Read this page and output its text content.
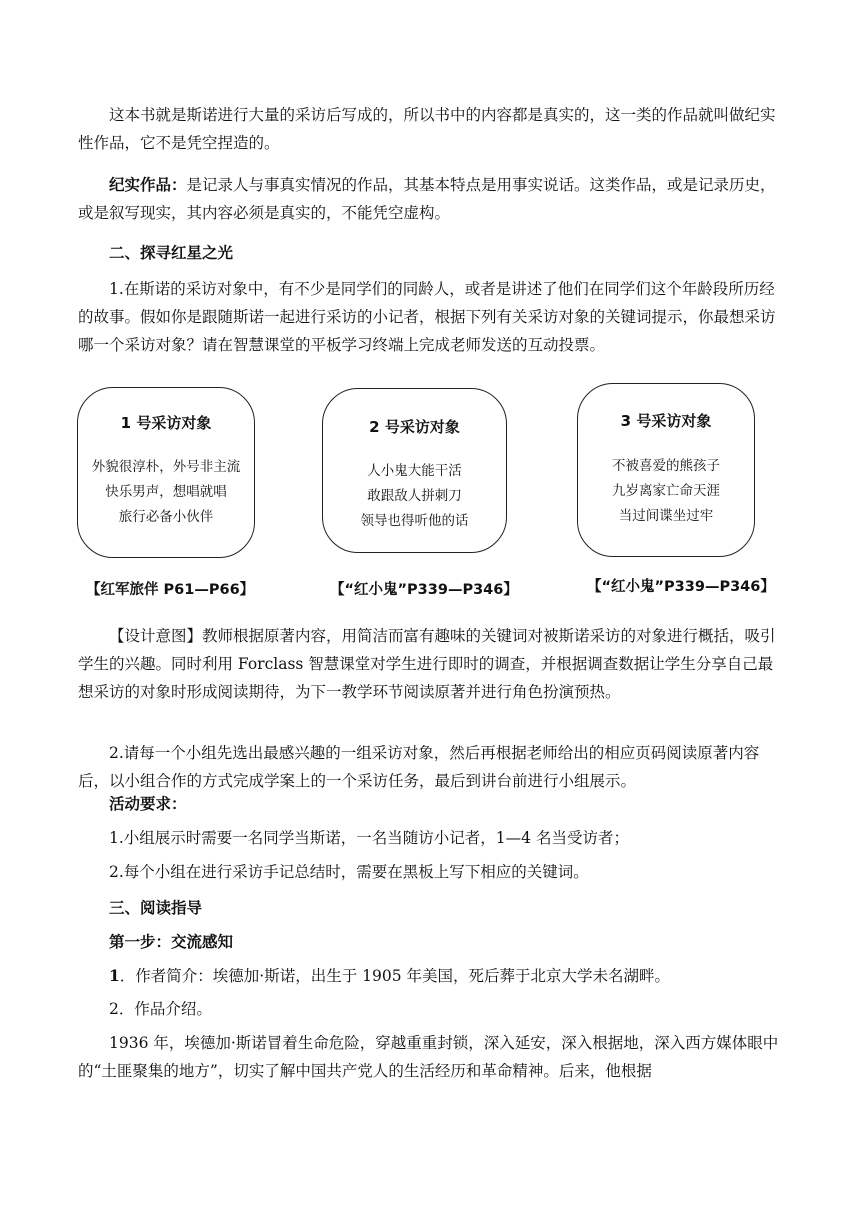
这本书就是斯诺进行大量的采访后写成的，所以书中的内容都是真实的，这一类的作品就叫做纪实性作品，它不是凭空捏造的。

纪实作品：是记录人与事真实情况的作品，其基本特点是用事实说话。这类作品，或是记录历史，或是叙写现实，其内容必须是真实的，不能凭空虚构。

二、探寻红星之光

1.在斯诺的采访对象中，有不少是同学们的同龄人，或者是讲述了他们在同学们这个年龄段所历经的故事。假如你是跟随斯诺一起进行采访的小记者，根据下列有关采访对象的关键词提示，你最想采访哪一个采访对象？请在智慧课堂的平板学习终端上完成老师发送的互动投票。

1 号采访对象
外貌很淳朴，外号非主流
快乐男声，想唱就唱
旅行必备小伙伴
2 号采访对象
人小鬼大能干活
敢跟敌人拼刺刀
领导也得听他的话
3 号采访对象
不被喜爱的熊孩子
九岁离家亡命天涯
当过间谍坐过牢
【红军旅伴 P61—P66】	【“红小鬼”P339—P346】	【“红小鬼”P339—P346】

【设计意图】教师根据原著内容，用简洁而富有趣味的关键词对被斯诺采访的对象进行概括，吸引学生的兴趣。同时利用 Forclass 智慧课堂对学生进行即时的调查，并根据调查数据让学生分享自己最想采访的对象时形成阅读期待，为下一教学环节阅读原著并进行角色扮演预热。

2.请每一个小组先选出最感兴趣的一组采访对象，然后再根据老师给出的相应页码阅读原著内容后，以小组合作的方式完成学案上的一个采访任务，最后到讲台前进行小组展示。

活动要求：

1.小组展示时需要一名同学当斯诺，一名当随访小记者，1—4 名当受访者；

2.每个小组在进行采访手记总结时，需要在黑板上写下相应的关键词。

三、阅读指导

第一步：交流感知

1．作者简介：埃德加·斯诺，出生于 1905 年美国，死后葬于北京大学未名湖畔。

2．作品介绍。

1936 年，埃德加·斯诺冒着生命危险，穿越重重封锁，深入延安，深入根据地，深入西方媒体眼中的“土匪聚集的地方”，切实了解中国共产党人的生活经历和革命精神。后来，他根据
